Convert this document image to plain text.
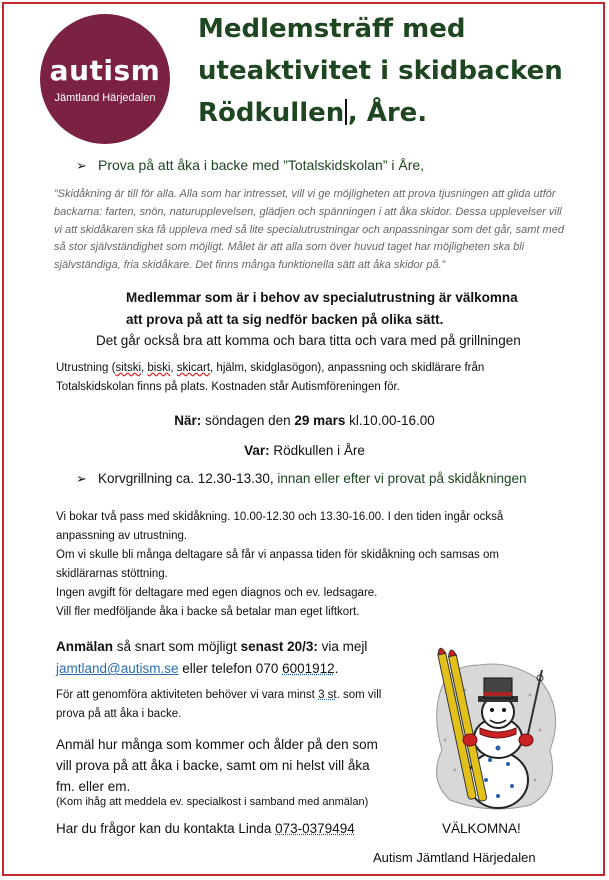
autism
Jämtland Härjedalen
Medlemsträff med
uteaktivitet i skidbacken
Rödkullen , Åre.
➢ Prova på att åka i backe med ”Totalskidskolan” i Åre,
”Skidåkning är till för alla. Alla som har intresset, vill vi ge möjligheten att prova tjusningen att glida utför backarna: farten, snön, naturupplevelsen, glädjen och spänningen i att åka skidor. Dessa upplevelser vill vi att skidåkaren ska få uppleva med så lite specialutrustningar och anpassningar som det går, samt med så stor självständighet som möjligt. Målet är att alla som över huvud taget har möjligheten ska bli självständiga, fria skidåkare. Det finns många funktionella sätt att åka skidor på.”
Medlemmar som är i behov av specialutrustning är välkomna
att prova på att ta sig nedför backen på olika sätt.
Det går också bra att komma och bara titta och vara med på grillningen
Utrustning (sitski, biski, skicart, hjälm, skidglasögon), anpassning och skidlärare från
Totalskidskolan finns på plats. Kostnaden står Autismföreningen för.
När: söndagen den 29 mars kl.10.00-16.00
Var: Rödkullen i Åre
➢ Korvgrillning ca. 12.30-13.30, innan eller efter vi provat på skidåkningen
Vi bokar två pass med skidåkning. 10.00-12.30 och 13.30-16.00. I den tiden ingår också
anpassning av utrustning.
Om vi skulle bli många deltagare så får vi anpassa tiden för skidåkning och samsas om
skidlärarnas stöttning.
Ingen avgift för deltagare med egen diagnos och ev. ledsagare.
Vill fler medföljande åka i backe så betalar man eget liftkort.
Anmälan så snart som möjligt senast 20/3: via mejl
jamtland@autism.se eller telefon 070 6001912.
För att genomföra aktiviteten behöver vi vara minst 3 st. som vill
prova på att åka i backe.
Anmäl hur många som kommer och ålder på den som
vill prova på att åka i backe, samt om ni helst vill åka
fm. eller em.
(Kom ihåg att meddela ev. specialkost i samband med anmälan)
Har du frågor kan du kontakta Linda 073-0379494	VÄLKOMNA!
Autism Jämtland Härjedalen
